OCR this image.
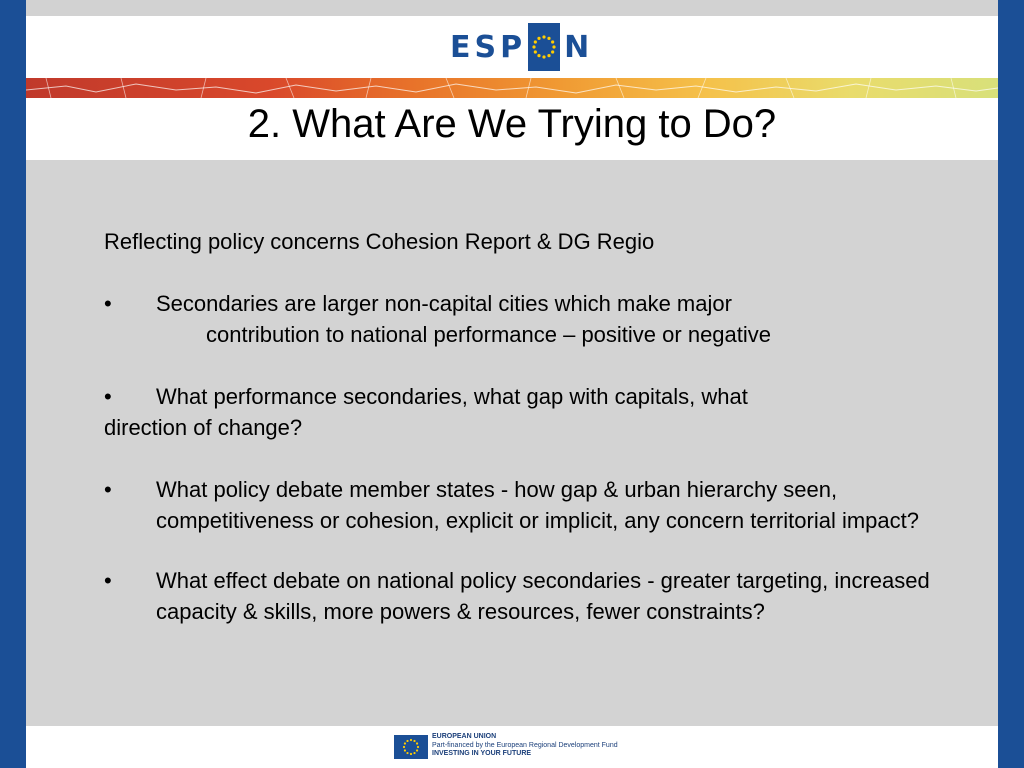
ESP N
2. What Are We Trying to Do?

Reflecting policy concerns Cohesion Report & DG Regio

• Secondaries are larger non-capital cities which make major
contribution to national performance – positive or negative
• What performance secondaries, what gap with capitals, what
direction of change?
• What policy debate member states - how gap & urban hierarchy seen, competitiveness or cohesion, explicit or implicit, any concern territorial impact?
• What effect debate on national policy secondaries - greater targeting, increased capacity & skills, more powers & resources, fewer constraints?
EUROPEAN UNION
Part-financed by the European Regional Development Fund
INVESTING IN YOUR FUTURE
